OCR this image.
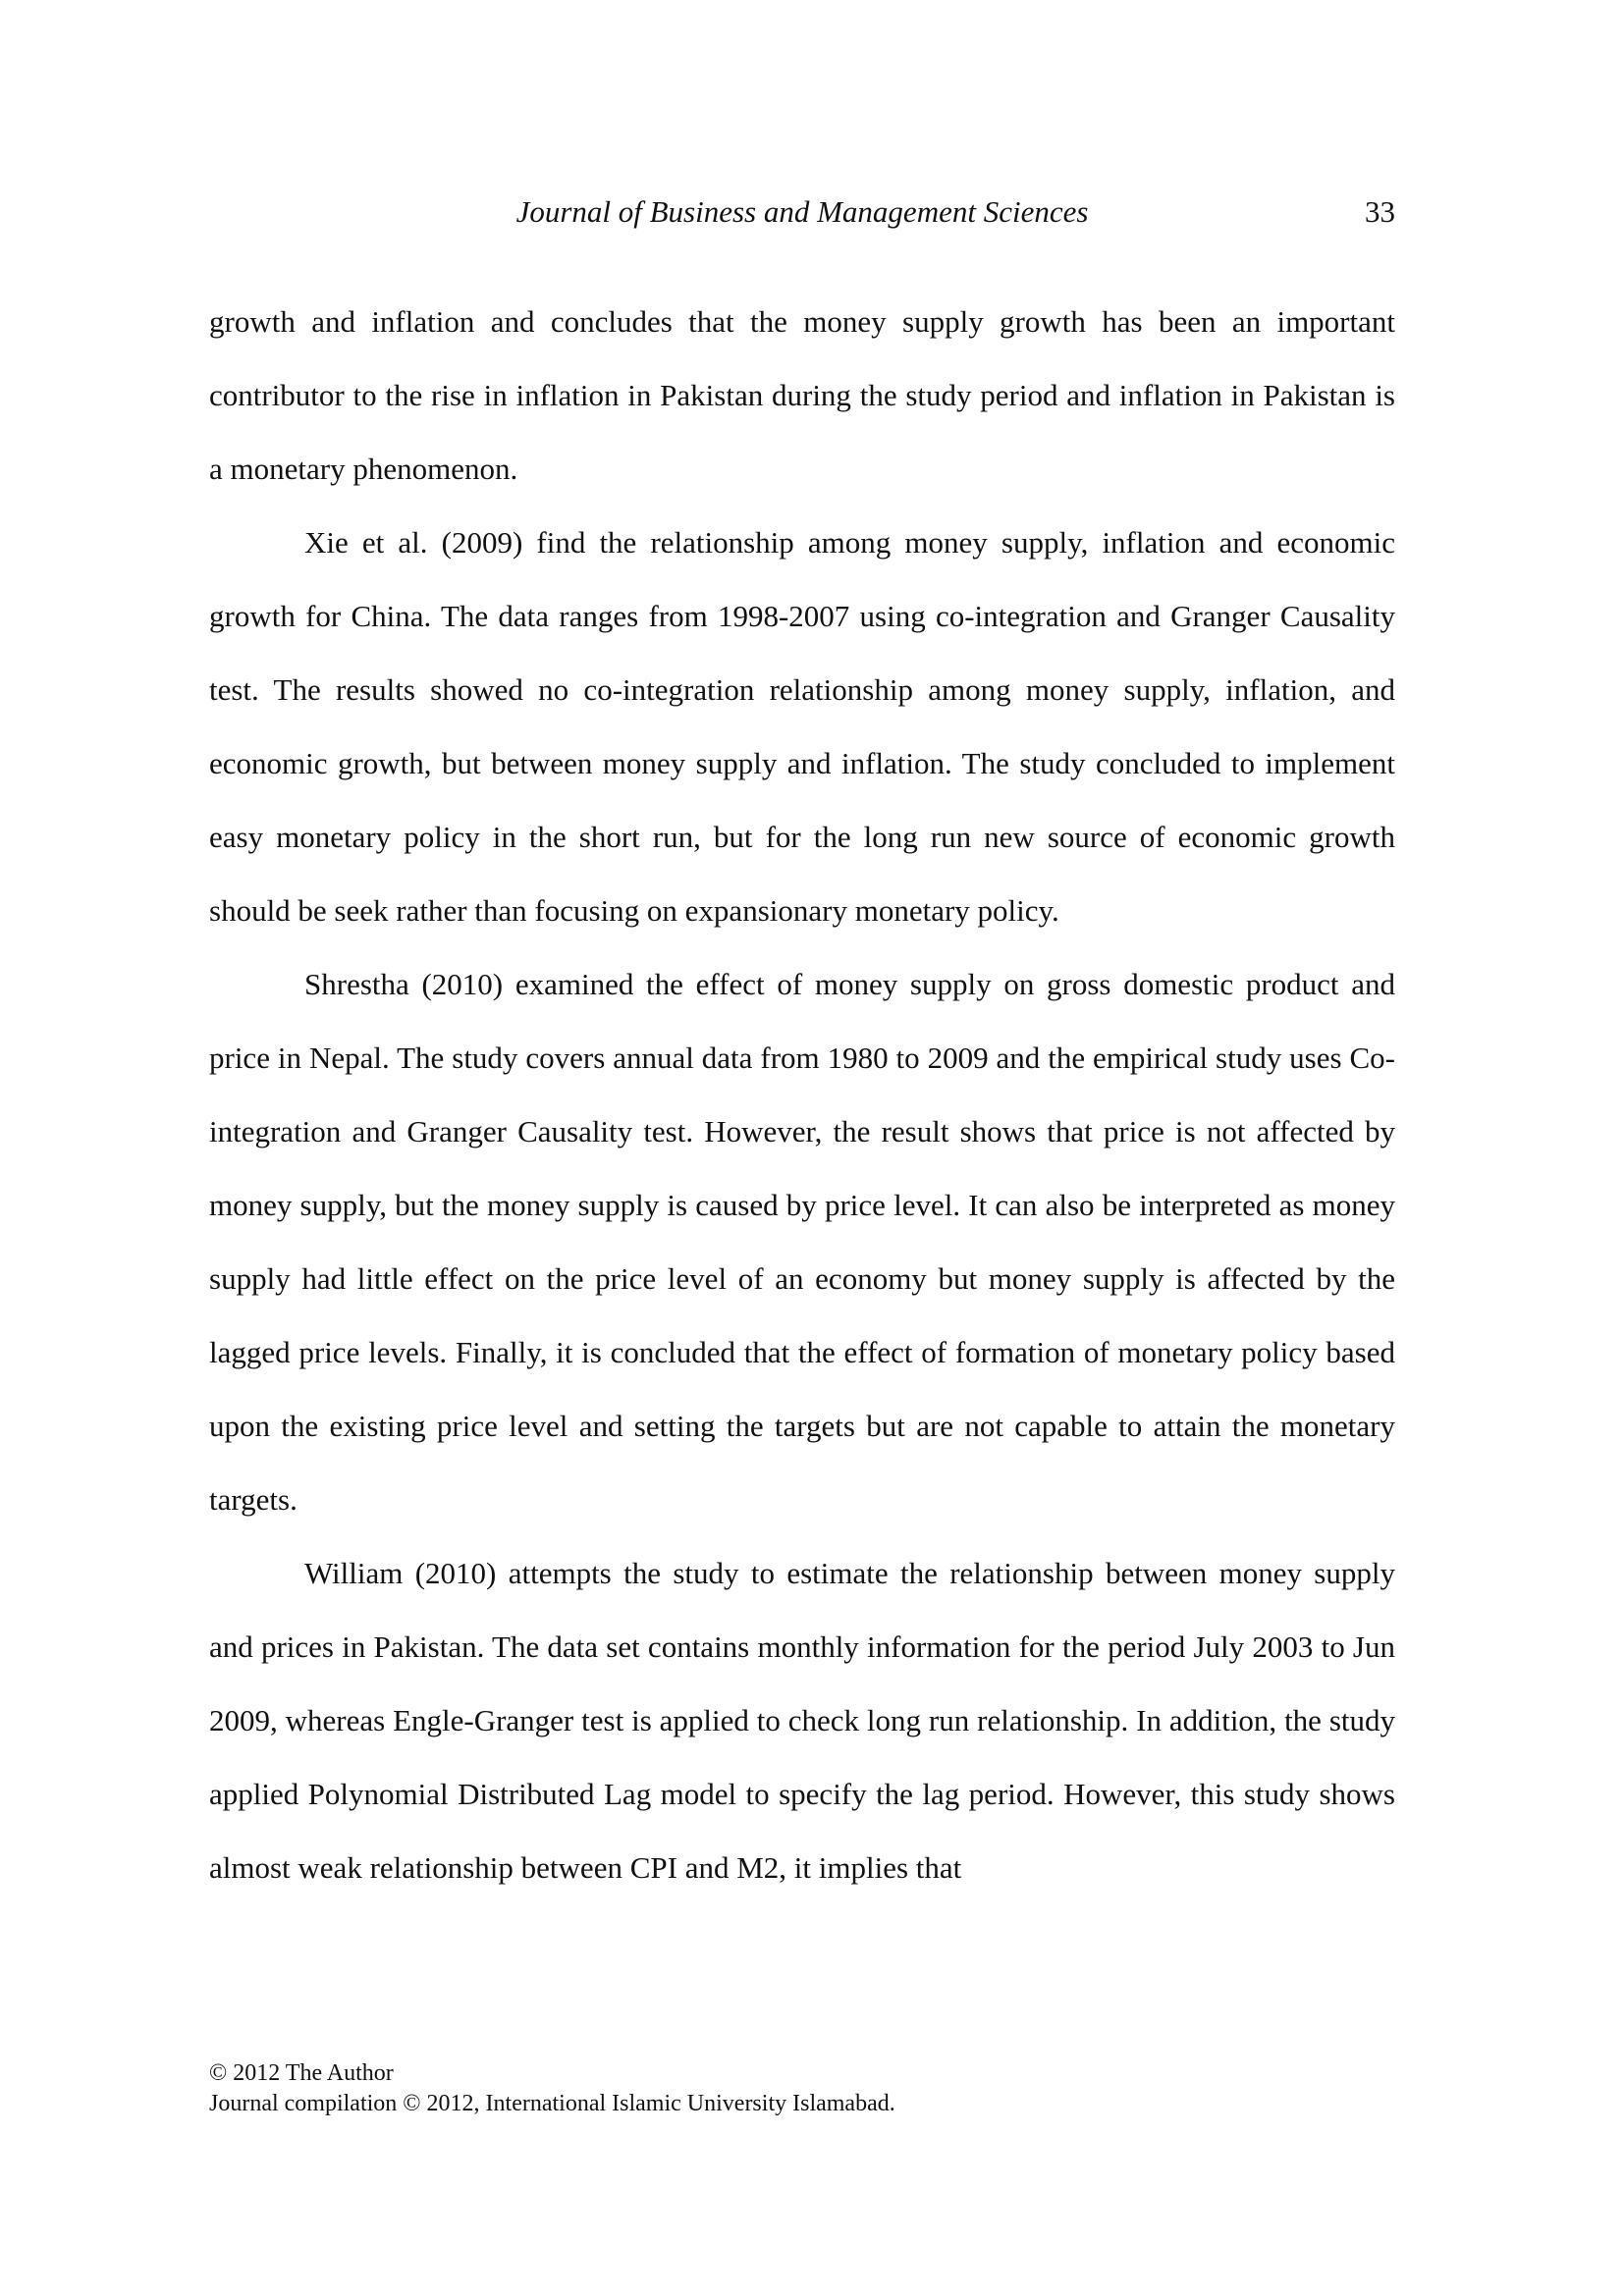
Journal of Business and Management Sciences	33

growth and inflation and concludes that the money supply growth has been an important contributor to the rise in inflation in Pakistan during the study period and inflation in Pakistan is a monetary phenomenon.

Xie et al. (2009) find the relationship among money supply, inflation and economic growth for China. The data ranges from 1998-2007 using co-integration and Granger Causality test. The results showed no co-integration relationship among money supply, inflation, and economic growth, but between money supply and inflation. The study concluded to implement easy monetary policy in the short run, but for the long run new source of economic growth should be seek rather than focusing on expansionary monetary policy.

Shrestha (2010) examined the effect of money supply on gross domestic product and price in Nepal. The study covers annual data from 1980 to 2009 and the empirical study uses Co-integration and Granger Causality test. However, the result shows that price is not affected by money supply, but the money supply is caused by price level. It can also be interpreted as money supply had little effect on the price level of an economy but money supply is affected by the lagged price levels. Finally, it is concluded that the effect of formation of monetary policy based upon the existing price level and setting the targets but are not capable to attain the monetary targets.

William (2010) attempts the study to estimate the relationship between money supply and prices in Pakistan. The data set contains monthly information for the period July 2003 to Jun 2009, whereas Engle-Granger test is applied to check long run relationship. In addition, the study applied Polynomial Distributed Lag model to specify the lag period. However, this study shows almost weak relationship between CPI and M2, it implies that

© 2012 The Author
Journal compilation © 2012, International Islamic University Islamabad.
